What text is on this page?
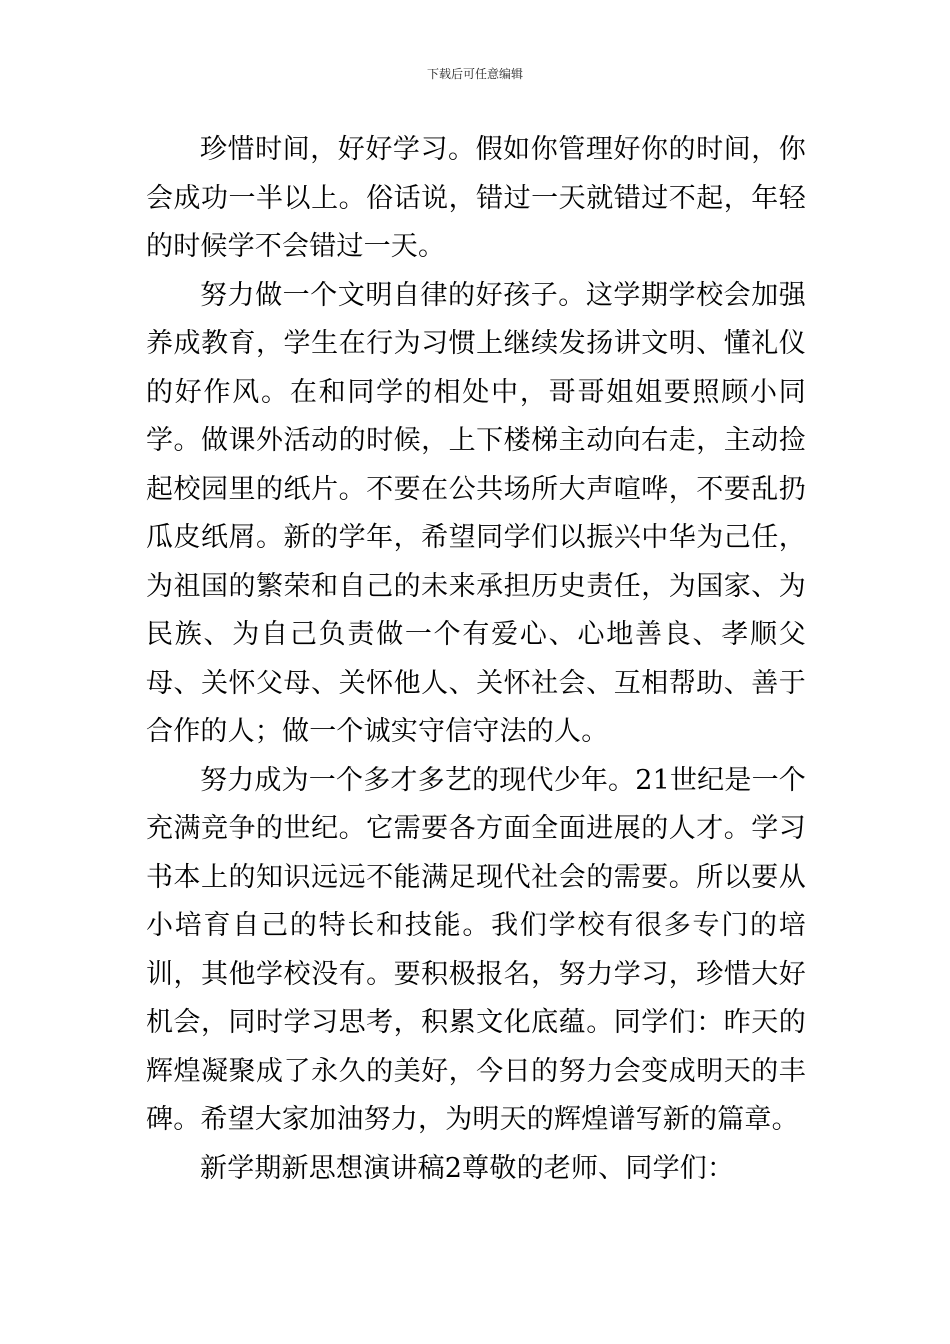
下载后可任意编辑

珍惜时间，好好学习。假如你管理好你的时间，你会成功一半以上。俗话说，错过一天就错过不起，年轻的时候学不会错过一天。

努力做一个文明自律的好孩子。这学期学校会加强养成教育，学生在行为习惯上继续发扬讲文明、懂礼仪的好作风。在和同学的相处中，哥哥姐姐要照顾小同学。做课外活动的时候，上下楼梯主动向右走，主动捡起校园里的纸片。不要在公共场所大声喧哗，不要乱扔瓜皮纸屑。新的学年，希望同学们以振兴中华为己任，为祖国的繁荣和自己的未来承担历史责任，为国家、为民族、为自己负责做一个有爱心、心地善良、孝顺父母、关怀父母、关怀他人、关怀社会、互相帮助、善于合作的人；做一个诚实守信守法的人。

努力成为一个多才多艺的现代少年。21世纪是一个充满竞争的世纪。它需要各方面全面进展的人才。学习书本上的知识远远不能满足现代社会的需要。所以要从小培育自己的特长和技能。我们学校有很多专门的培训，其他学校没有。要积极报名，努力学习，珍惜大好机会，同时学习思考，积累文化底蕴。同学们：昨天的辉煌凝聚成了永久的美好，今日的努力会变成明天的丰碑。希望大家加油努力，为明天的辉煌谱写新的篇章。

新学期新思想演讲稿2尊敬的老师、同学们：
